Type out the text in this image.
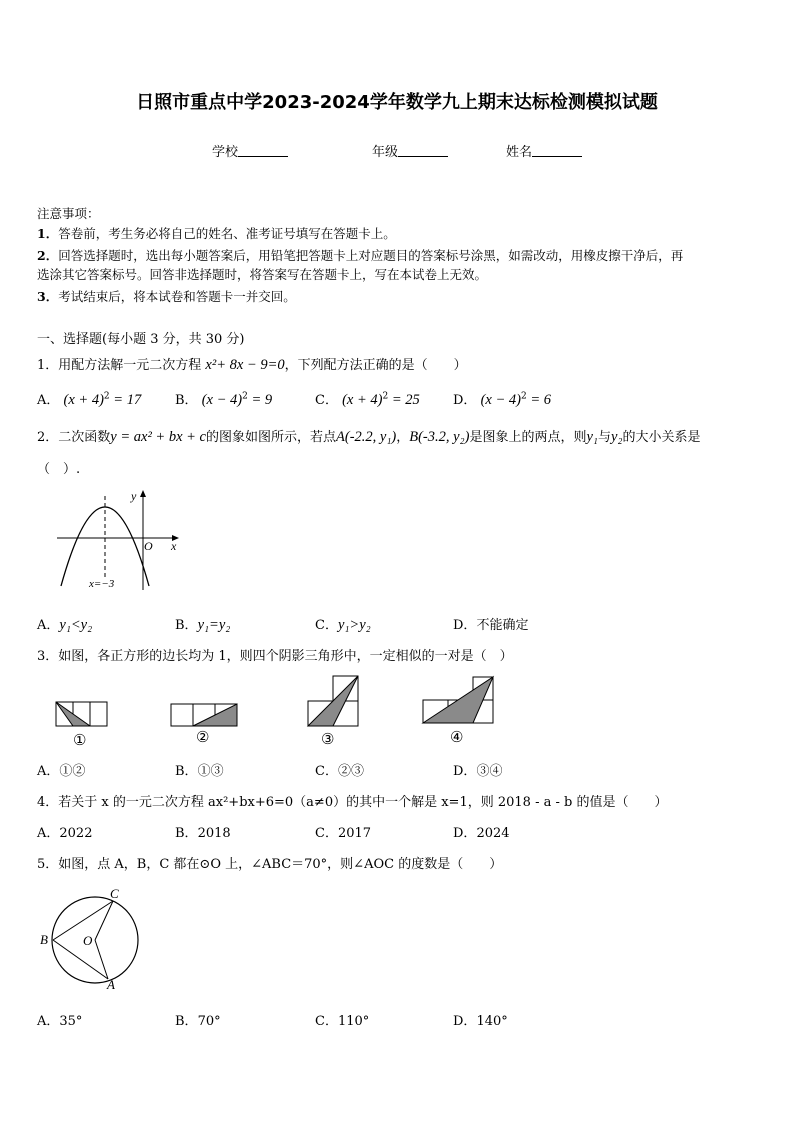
日照市重点中学2023-2024学年数学九上期末达标检测模拟试题
学校	年级	姓名
注意事项：
1．答卷前，考生务必将自己的姓名、准考证号填写在答题卡上。
2．回答选择题时，选出每小题答案后，用铅笔把答题卡上对应题目的答案标号涂黑，如需改动，用橡皮擦干净后，再
选涂其它答案标号。回答非选择题时，将答案写在答题卡上，写在本试卷上无效。
3．考试结束后，将本试卷和答题卡一并交回。
一、选择题(每小题 3 分，共 30 分)
1．用配方法解一元二次方程 x²+ 8x − 9=0，下列配方法正确的是（　　）
A． $(x + 4)^2 = 17$	B． $(x - 4)^2 = 9$	C． $(x + 4)^2 = 25$	D． $(x - 4)^2 = 6$
2．二次函数y = ax² + bx + c的图象如图所示，若点A(-2.2, y₁)，B(-3.2, y₂)是图象上的两点，则y₁与y₂的大小关系是
（　）.
y
x
O
x=−3
A．y₁<y₂	B．y₁=y₂	C．y₁>y₂	D．不能确定
3．如图，各正方形的边长均为 1，则四个阴影三角形中，一定相似的一对是（　）
①	②	③	④
A．①②	B．①③	C．②③	D．③④
4．若关于 x 的一元二次方程 ax²+bx+6=0（a≠0）的其中一个解是 x=1，则 2018 - a - b 的值是（　　）
A．2022	B．2018	C．2017	D．2024
5．如图，点 A，B，C 都在⊙O 上，∠ABC＝70°，则∠AOC 的度数是（　　）
C
B	O
A
A．35°	B．70°	C．110°	D．140°
